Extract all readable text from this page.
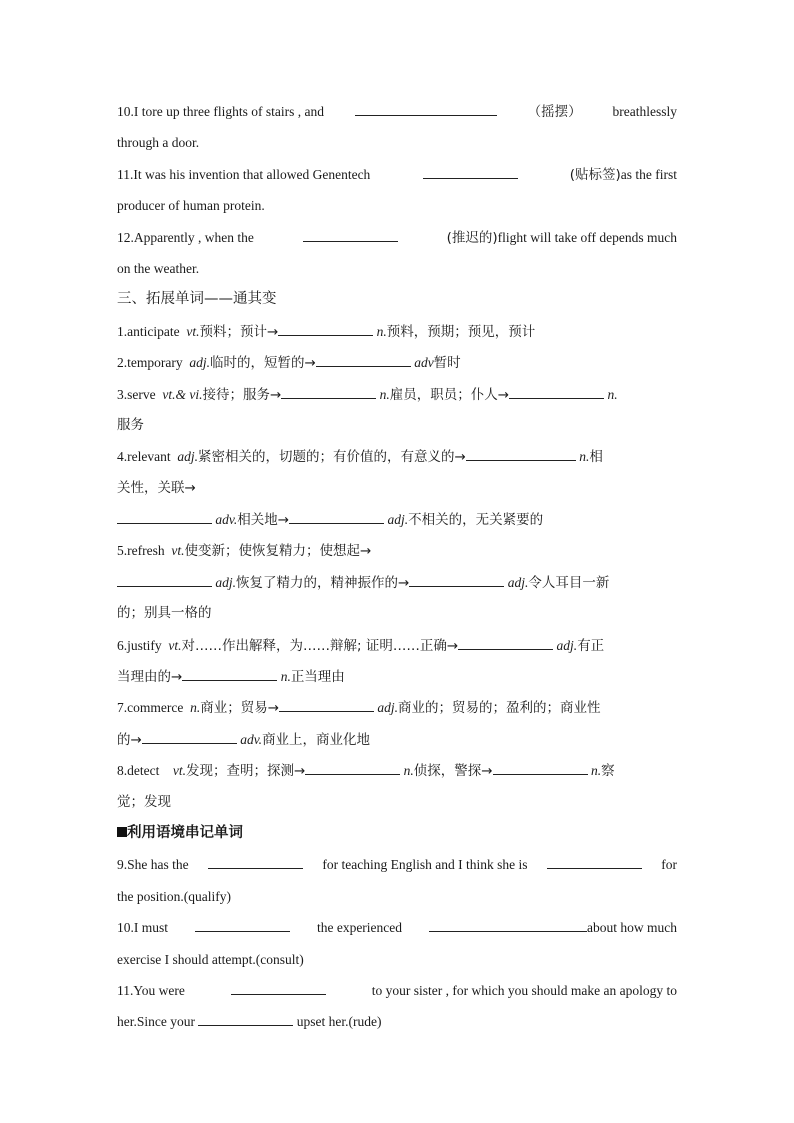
10.I tore up three flights of stairs , and	（摇摆） breathlessly
through a door.
11.It was his invention that allowed Genentech	(贴标签)as the first
producer of human protein.
12.Apparently , when the	(推迟的)flight will take off depends much
on the weather.
三、拓展单词——通其变
1.anticipate
vt. 预料；预计→
	n. 预料，预期；预见，预计
2.temporary
adj. 临时的，短暂的→
	adv 暂时
3.serve
vt.& vi. 接待；服务→
	n. 雇员，职员；仆人→
	n.
服务
4.relevant
adj. 紧密相关的，切题的；有价值的，有意义的→
	n. 相
关性，关联→

adv. 相关地→
	adj. 不相关的，无关紧要的
5.refresh
vt. 使变新；使恢复精力；使想起→

adj. 恢复了精力的，精神振作的→
	adj. 令人耳目一新
的；别具一格的
6.justify
vt. 对……作出解释，为……辩解; 证明……正确→
	adj. 有正
当理由的→
	n. 正当理由
7.commerce
n. 商业；贸易→
	adj. 商业的；贸易的；盈利的；商业性
的→
	adv. 商业上，商业化地
8.detect
vt. 发现；查明；探测→
	n. 侦探，警探→
	n. 察
觉；发现
利用语境串记单词
9.She has the	for teaching English and I think she is	for
the position.(qualify)
10.I must	the experienced	about how much
exercise I should attempt.(consult)
11.You were	to your sister , for which you should make an apology to
her.Since your

	upset her.(rude)
